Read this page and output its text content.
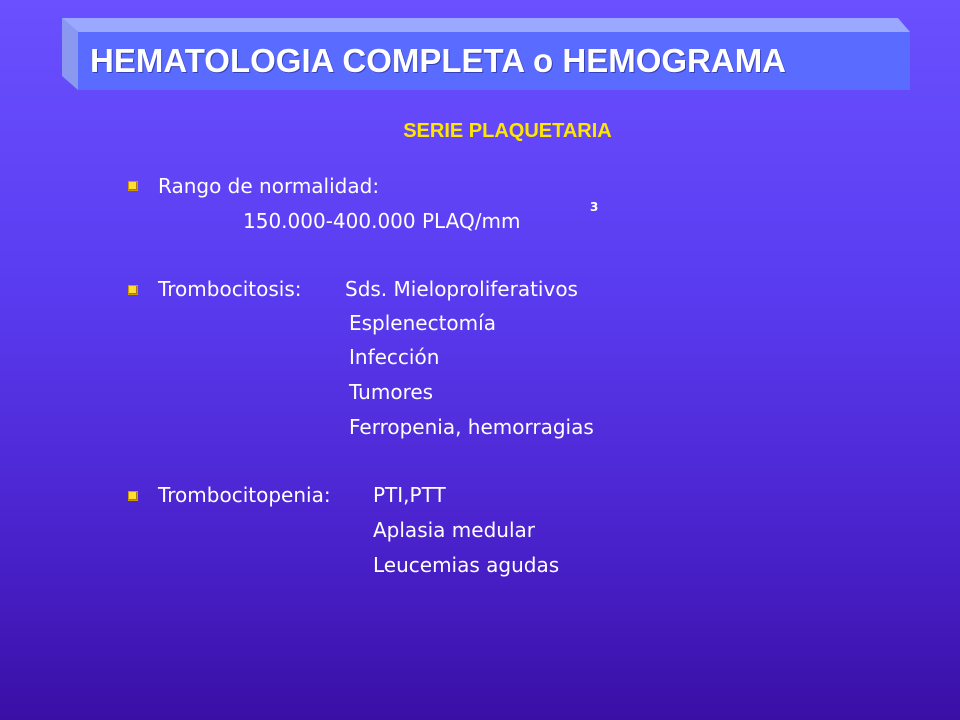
HEMATOLOGIA COMPLETA o HEMOGRAMA
SERIE PLAQUETARIA
Rango de normalidad:
150.000-400.000 PLAQ/mm
3
Trombocitosis: Sds. Mieloproliferativos
Esplenectomía
Infección
Tumores
Ferropenia, hemorragias
Trombocitopenia: PTI,PTT
Aplasia medular
Leucemias agudas
